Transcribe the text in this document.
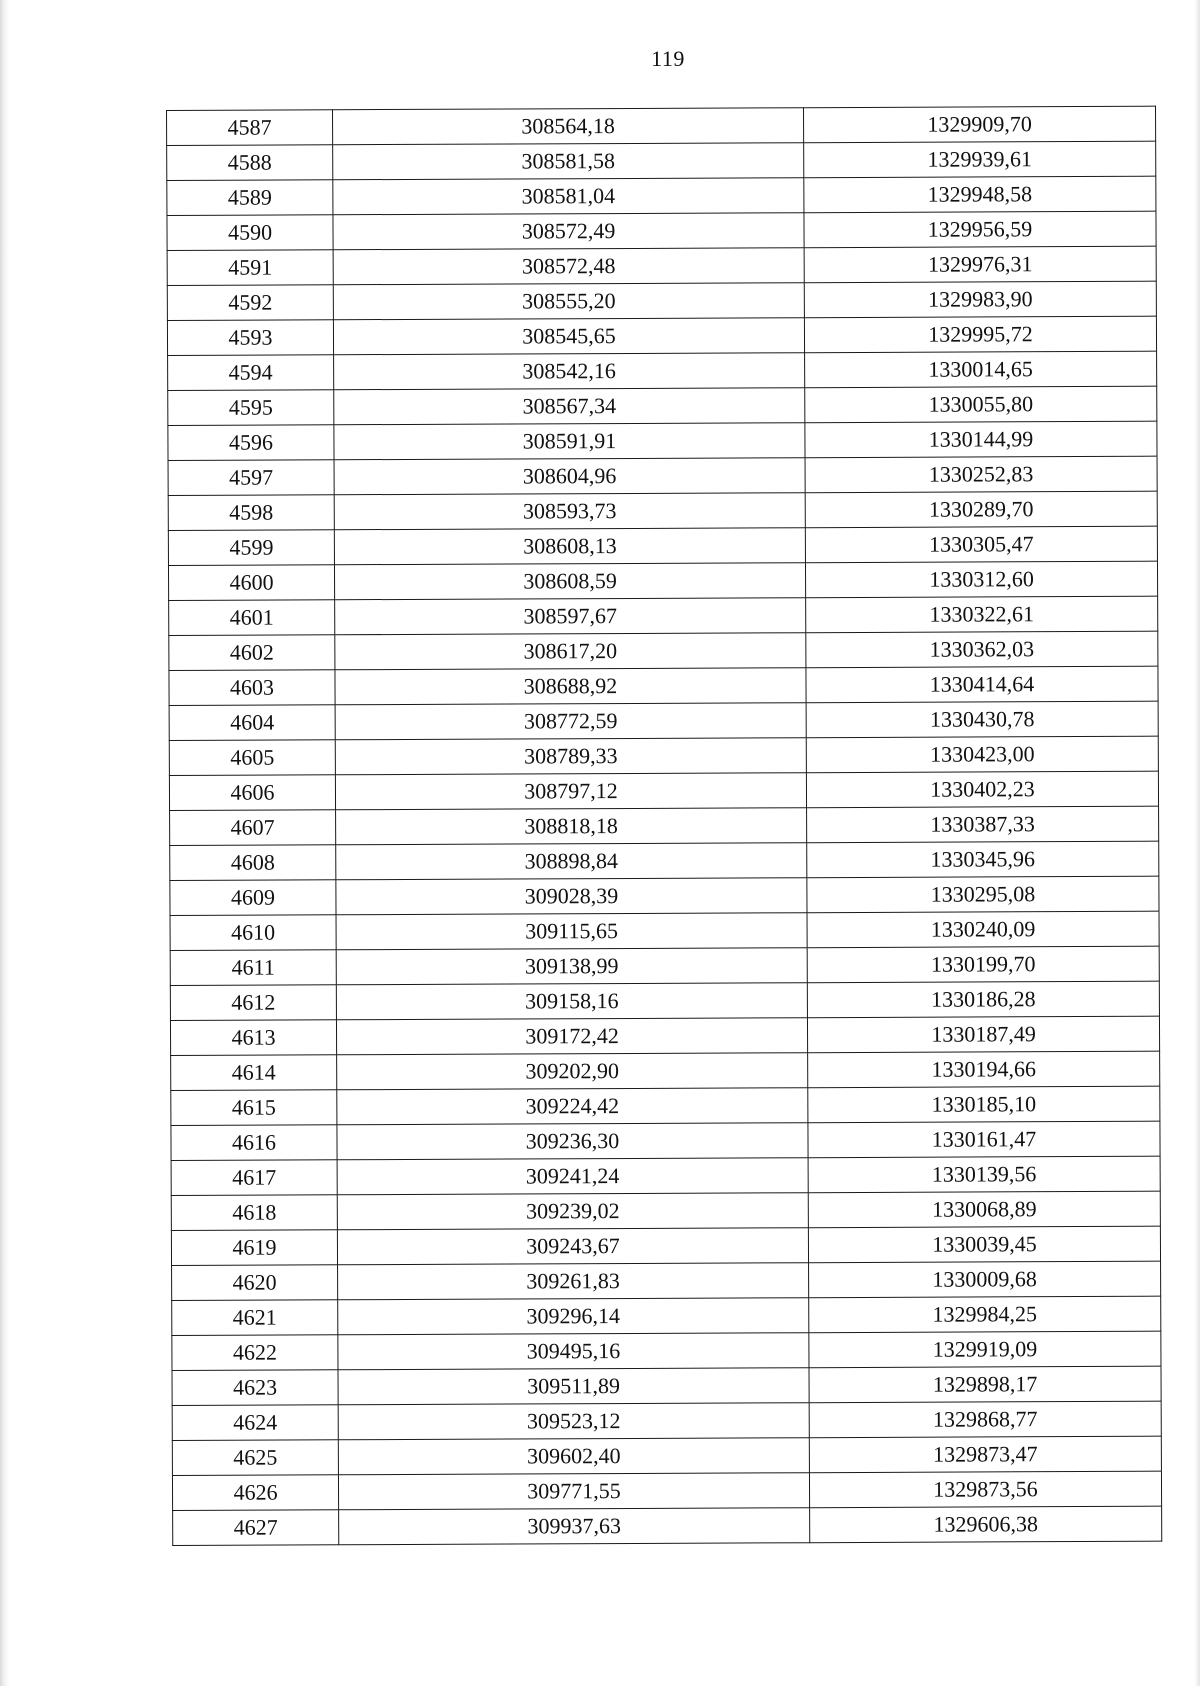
119
4587	308564,18	1329909,70
4588	308581,58	1329939,61
4589	308581,04	1329948,58
4590	308572,49	1329956,59
4591	308572,48	1329976,31
4592	308555,20	1329983,90
4593	308545,65	1329995,72
4594	308542,16	1330014,65
4595	308567,34	1330055,80
4596	308591,91	1330144,99
4597	308604,96	1330252,83
4598	308593,73	1330289,70
4599	308608,13	1330305,47
4600	308608,59	1330312,60
4601	308597,67	1330322,61
4602	308617,20	1330362,03
4603	308688,92	1330414,64
4604	308772,59	1330430,78
4605	308789,33	1330423,00
4606	308797,12	1330402,23
4607	308818,18	1330387,33
4608	308898,84	1330345,96
4609	309028,39	1330295,08
4610	309115,65	1330240,09
4611	309138,99	1330199,70
4612	309158,16	1330186,28
4613	309172,42	1330187,49
4614	309202,90	1330194,66
4615	309224,42	1330185,10
4616	309236,30	1330161,47
4617	309241,24	1330139,56
4618	309239,02	1330068,89
4619	309243,67	1330039,45
4620	309261,83	1330009,68
4621	309296,14	1329984,25
4622	309495,16	1329919,09
4623	309511,89	1329898,17
4624	309523,12	1329868,77
4625	309602,40	1329873,47
4626	309771,55	1329873,56
4627	309937,63	1329606,38
